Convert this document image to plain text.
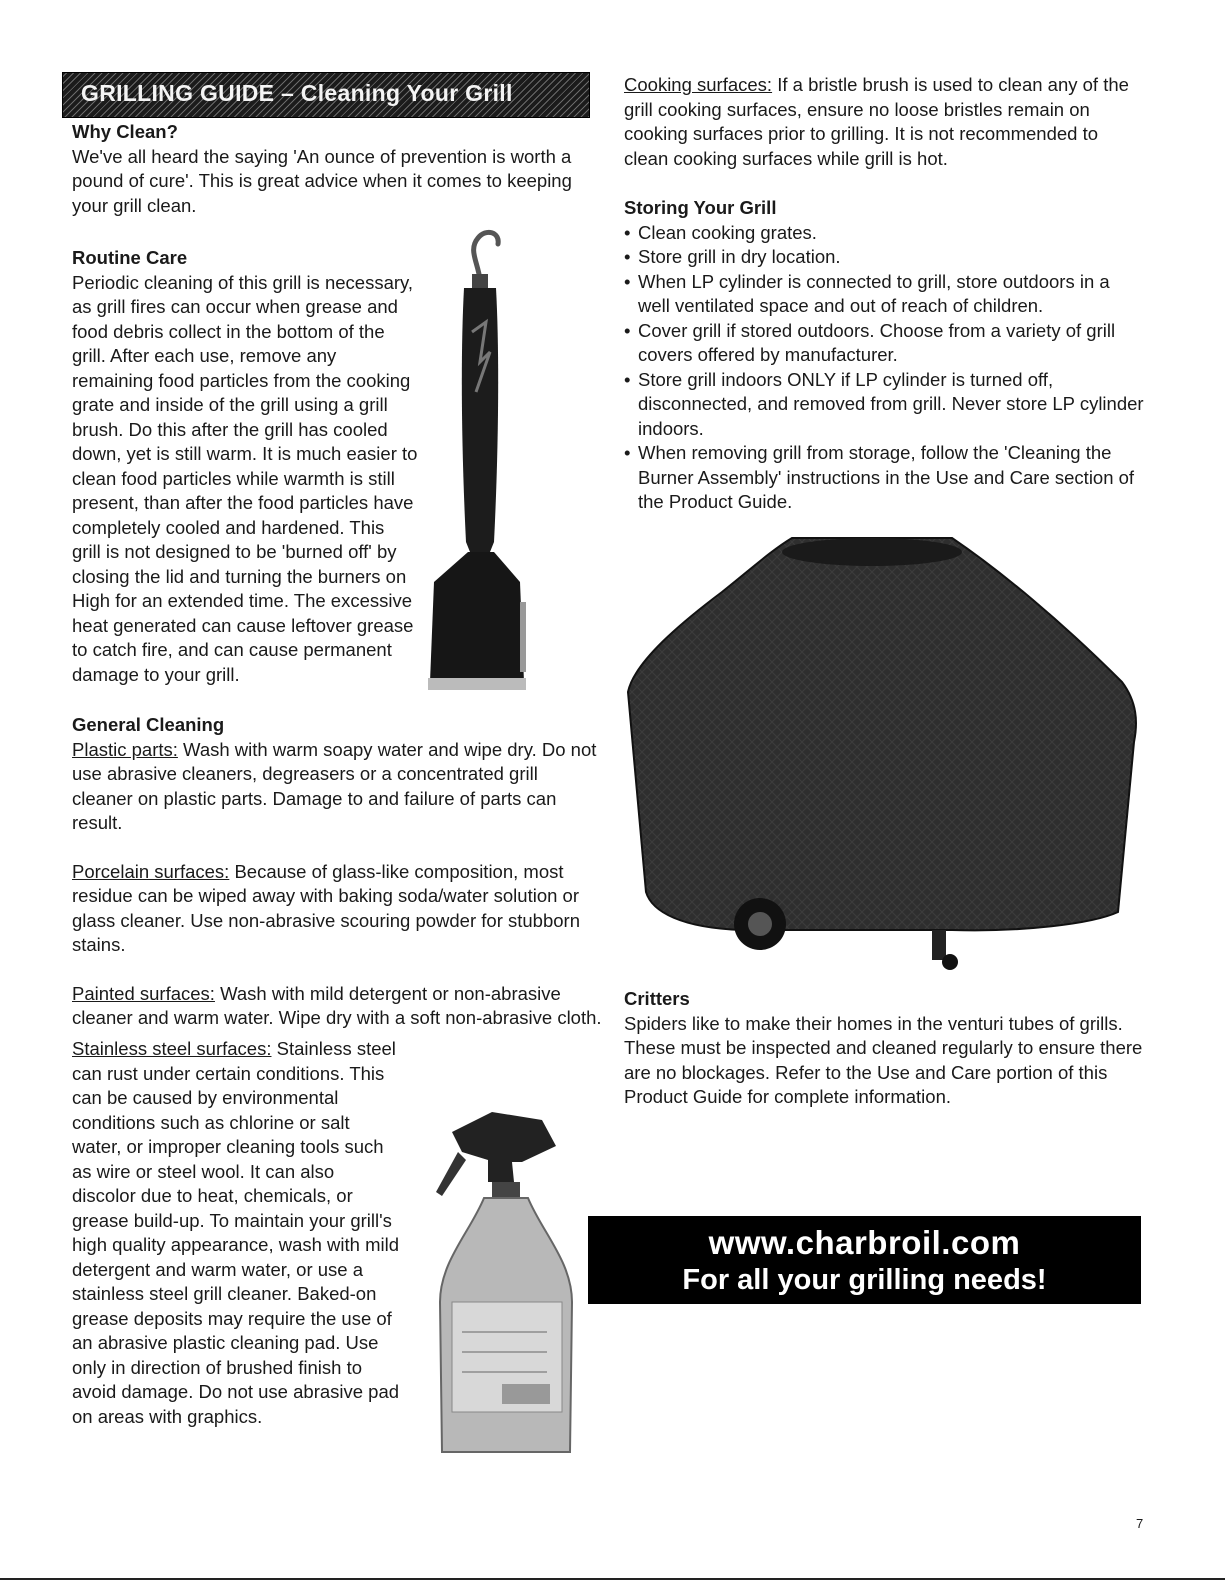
GRILLING GUIDE – Cleaning Your Grill

Why Clean?

We've all heard the saying 'An ounce of prevention is worth a pound of cure'. This is great advice when it comes to keeping your grill clean.

Routine Care

Periodic cleaning of this grill is necessary, as grill fires can occur when grease and food debris collect in the bottom of the grill. After each use, remove any remaining food particles from the cooking grate and inside of the grill using a grill brush. Do this after the grill has cooled down, yet is still warm. It is much easier to clean food particles while warmth is still present, than after the food particles have completely cooled and hardened. This grill is not designed to be 'burned off' by closing the lid and turning the burners on High for an extended time. The excessive heat generated can cause leftover grease to catch fire, and can cause permanent damage to your grill.

General Cleaning

Plastic parts: Wash with warm soapy water and wipe dry. Do not use abrasive cleaners, degreasers or a concentrated grill cleaner on plastic parts. Damage to and failure of parts can result.

Porcelain surfaces: Because of glass-like composition, most residue can be wiped away with baking soda/water solution or glass cleaner. Use non-abrasive scouring powder for stubborn stains.

Painted surfaces: Wash with mild detergent or non-abrasive cleaner and warm water. Wipe dry with a soft non-abrasive cloth.

Stainless steel surfaces: Stainless steel can rust under certain conditions. This can be caused by environmental conditions such as chlorine or salt water, or improper cleaning tools such as wire or steel wool. It can also discolor due to heat, chemicals, or grease build-up. To maintain your grill's high quality appearance, wash with mild detergent and warm water, or use a stainless steel grill cleaner. Baked-on grease deposits may require the use of an abrasive plastic cleaning pad. Use only in direction of brushed finish to avoid damage. Do not use abrasive pad on areas with graphics.

Cooking surfaces: If a bristle brush is used to clean any of the grill cooking surfaces, ensure no loose bristles remain on cooking surfaces prior to grilling. It is not recommended to clean cooking surfaces while grill is hot.

Storing Your Grill

• Clean cooking grates.
• Store grill in dry location.
• When LP cylinder is connected to grill, store outdoors in a well ventilated space and out of reach of children.
• Cover grill if stored outdoors. Choose from a variety of grill covers offered by manufacturer.
• Store grill indoors ONLY if LP cylinder is turned off, disconnected, and removed from grill. Never store LP cylinder indoors.
• When removing grill from storage, follow the 'Cleaning the Burner Assembly' instructions in the Use and Care section of the Product Guide.

Critters

Spiders like to make their homes in the venturi tubes of grills. These must be inspected and cleaned regularly to ensure there are no blockages. Refer to the Use and Care portion of this Product Guide for complete information.

www.charbroil.com
For all your grilling needs!
7
